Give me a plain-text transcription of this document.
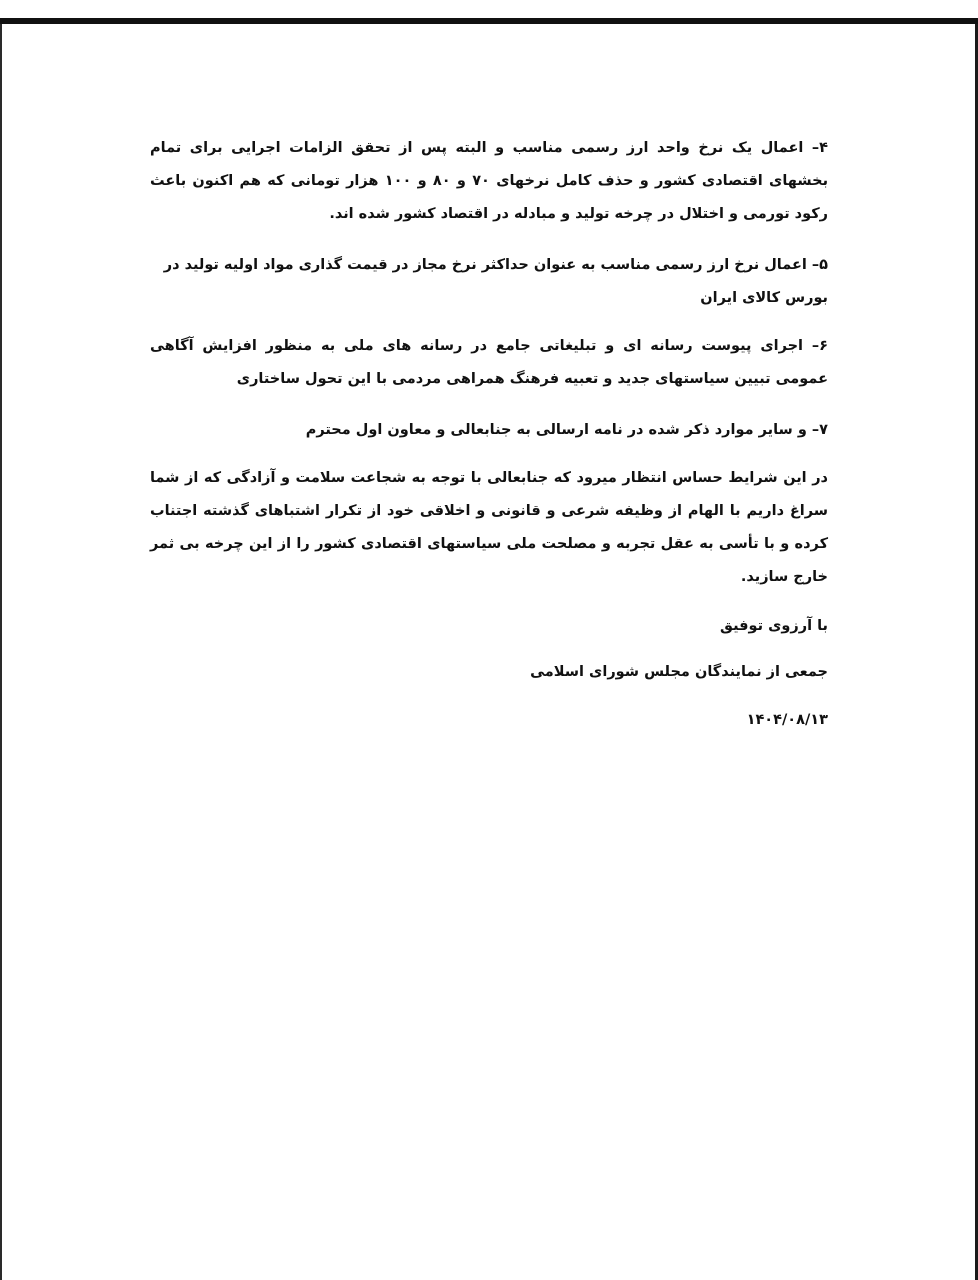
۴– اعمال یک نرخ واحد ارز رسمی مناسب و البته پس از تحقق الزامات اجرایی برای تمام بخشهای اقتصادی کشور و حذف کامل نرخهای ۷۰ و ۸۰ و ۱۰۰ هزار تومانی که هم اکنون باعث رکود تورمی و اختلال در چرخه تولید و مبادله در اقتصاد کشور شده اند.

۵– اعمال نرخ ارز رسمی مناسب به عنوان حداکثر نرخ مجاز در قیمت گذاری مواد اولیه تولید در بورس کالای ایران

۶– اجرای پیوست رسانه ای و تبلیغاتی جامع در رسانه های ملی به منظور افزایش آگاهی عمومی تبیین سیاستهای جدید و تعبیه فرهنگ همراهی مردمی با این تحول ساختاری

۷– و سایر موارد ذکر شده در نامه ارسالی به جنابعالی و معاون اول محترم

در این شرایط حساس انتظار میرود که جنابعالی با توجه به شجاعت سلامت و آزادگی که از شما سراغ داریم با الهام از وظیفه شرعی و قانونی و اخلاقی خود از تکرار اشتباهای گذشته اجتناب کرده و با تأسی به عقل تجربه و مصلحت ملی سیاستهای اقتصادی کشور را از این چرخه بی ثمر خارج سازید.

با آرزوی توفیق

جمعی از نمایندگان مجلس شورای اسلامی

۱۴۰۴/۰۸/۱۳
